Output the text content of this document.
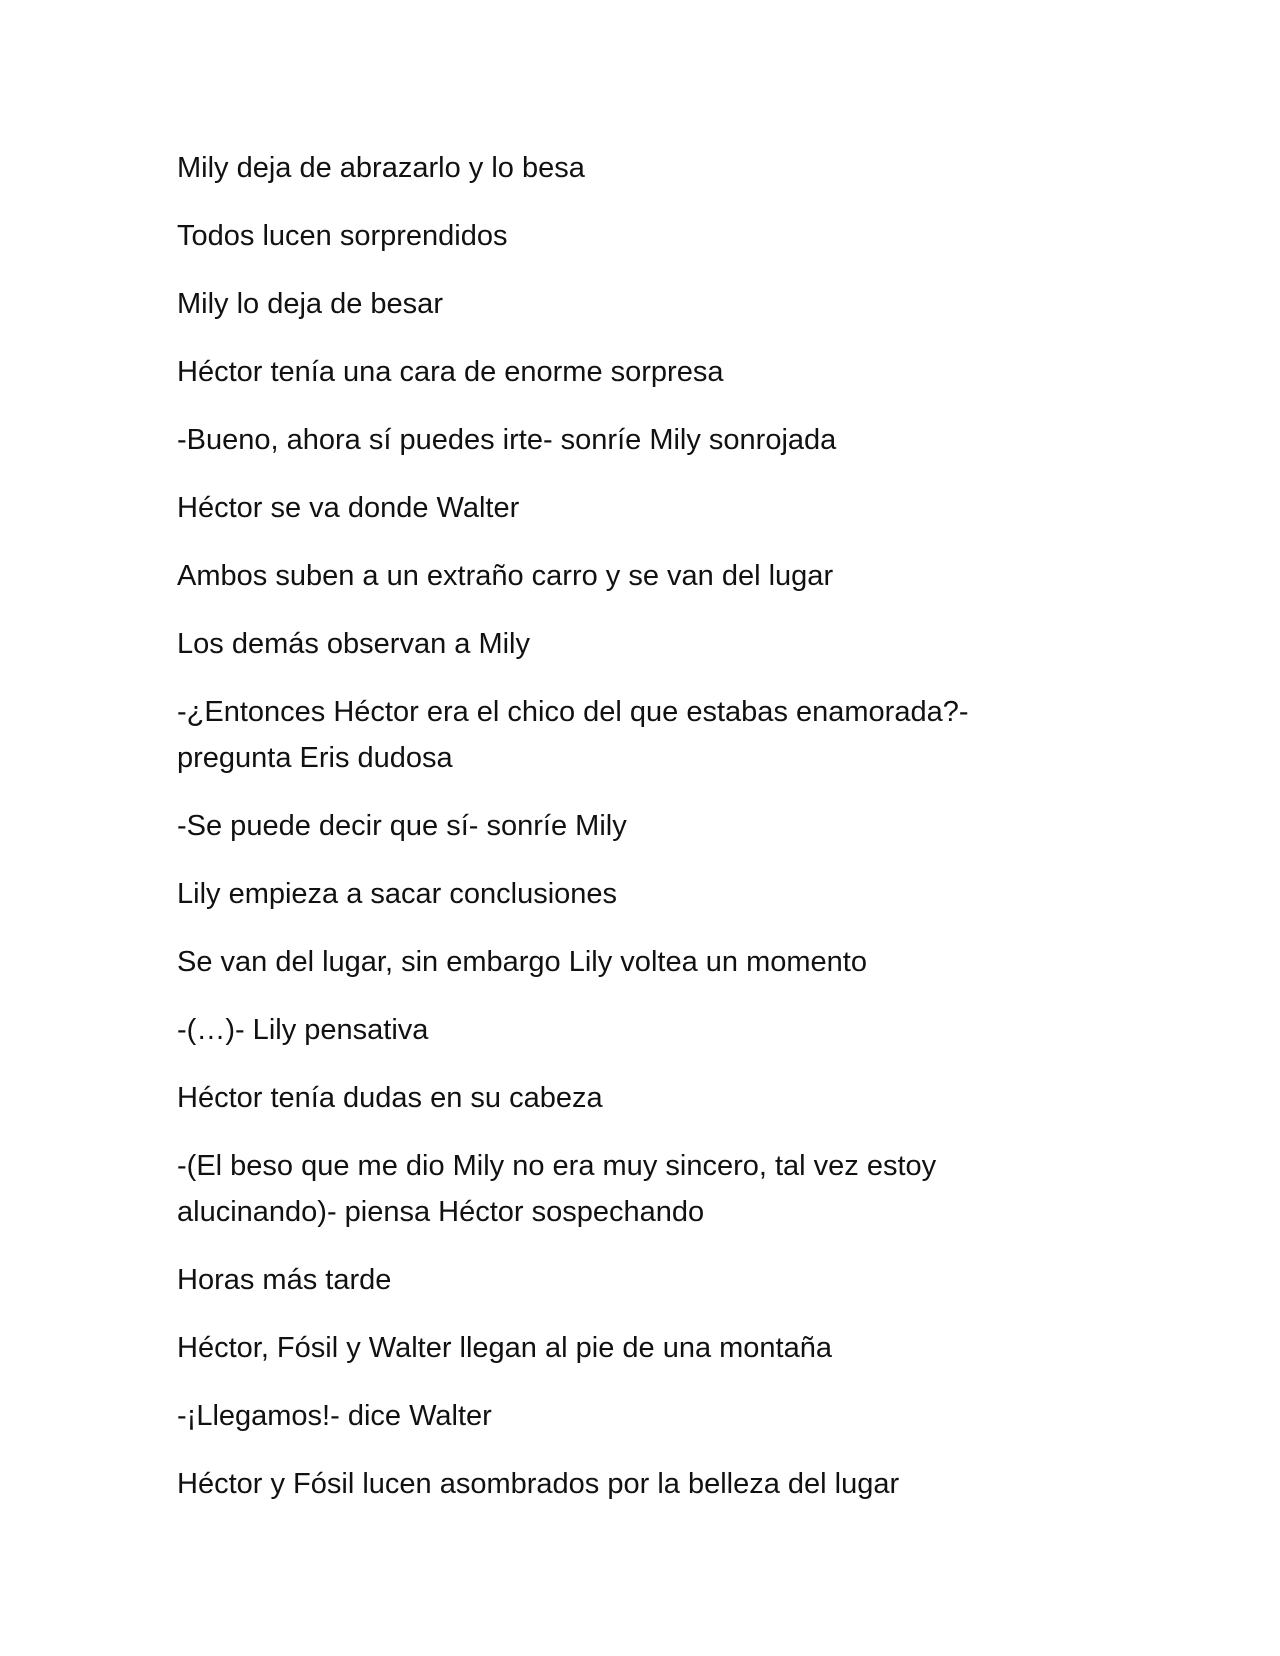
Mily deja de abrazarlo y lo besa

Todos lucen sorprendidos

Mily lo deja de besar

Héctor tenía una cara de enorme sorpresa

-Bueno, ahora sí puedes irte- sonríe Mily sonrojada

Héctor se va donde Walter

Ambos suben a un extraño carro y se van del lugar

Los demás observan a Mily

-¿Entonces Héctor era el chico del que estabas enamorada?- pregunta Eris dudosa

-Se puede decir que sí- sonríe Mily

Lily empieza a sacar conclusiones

Se van del lugar, sin embargo Lily voltea un momento

-(…)- Lily pensativa

Héctor tenía dudas en su cabeza

-(El beso que me dio Mily no era muy sincero, tal vez estoy alucinando)- piensa Héctor sospechando

Horas más tarde

Héctor, Fósil y Walter llegan al pie de una montaña

-¡Llegamos!- dice Walter

Héctor y Fósil lucen asombrados por la belleza del lugar
